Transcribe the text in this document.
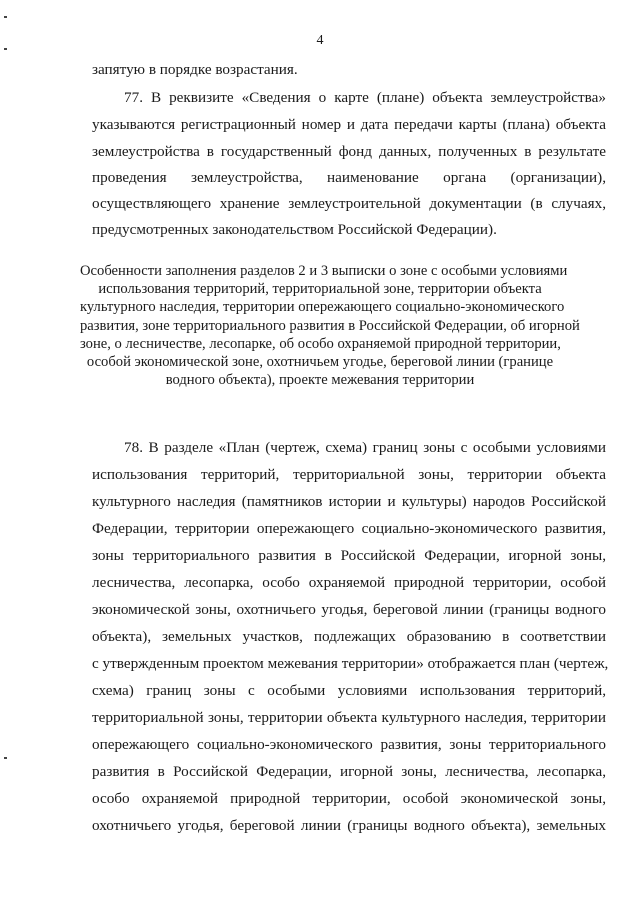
4
запятую в порядке возрастания.
77. В реквизите «Сведения о карте (плане) объекта землеустройства»
указываются регистрационный номер и дата передачи карты (плана) объекта
землеустройства в государственный фонд данных, полученных в результате
проведения землеустройства, наименование органа (организации),
осуществляющего хранение землеустроительной документации (в случаях,
предусмотренных законодательством Российской Федерации).
Особенности заполнения разделов 2 и 3 выписки о зоне с особыми условиями
использования территорий, территориальной зоне, территории объекта
культурного наследия, территории опережающего социально-экономического
развития, зоне территориального развития в Российской Федерации, об игорной
зоне, о лесничестве, лесопарке, об особо охраняемой природной территории,
особой экономической зоне, охотничьем угодье, береговой линии (границе
водного объекта), проекте межевания территории
78. В разделе «План (чертеж, схема) границ зоны с особыми условиями
использования территорий, территориальной зоны, территории объекта
культурного наследия (памятников истории и культуры) народов Российской
Федерации, территории опережающего социально-экономического развития,
зоны территориального развития в Российской Федерации, игорной зоны,
лесничества, лесопарка, особо охраняемой природной территории, особой
экономической зоны, охотничьего угодья, береговой линии (границы водного
объекта), земельных участков, подлежащих образованию в соответствии
с утвержденным проектом межевания территории» отображается план (чертеж,
схема) границ зоны с особыми условиями использования территорий,
территориальной зоны, территории объекта культурного наследия, территории
опережающего социально-экономического развития, зоны территориального
развития в Российской Федерации, игорной зоны, лесничества, лесопарка,
особо охраняемой природной территории, особой экономической зоны,
охотничьего угодья, береговой линии (границы водного объекта), земельных
